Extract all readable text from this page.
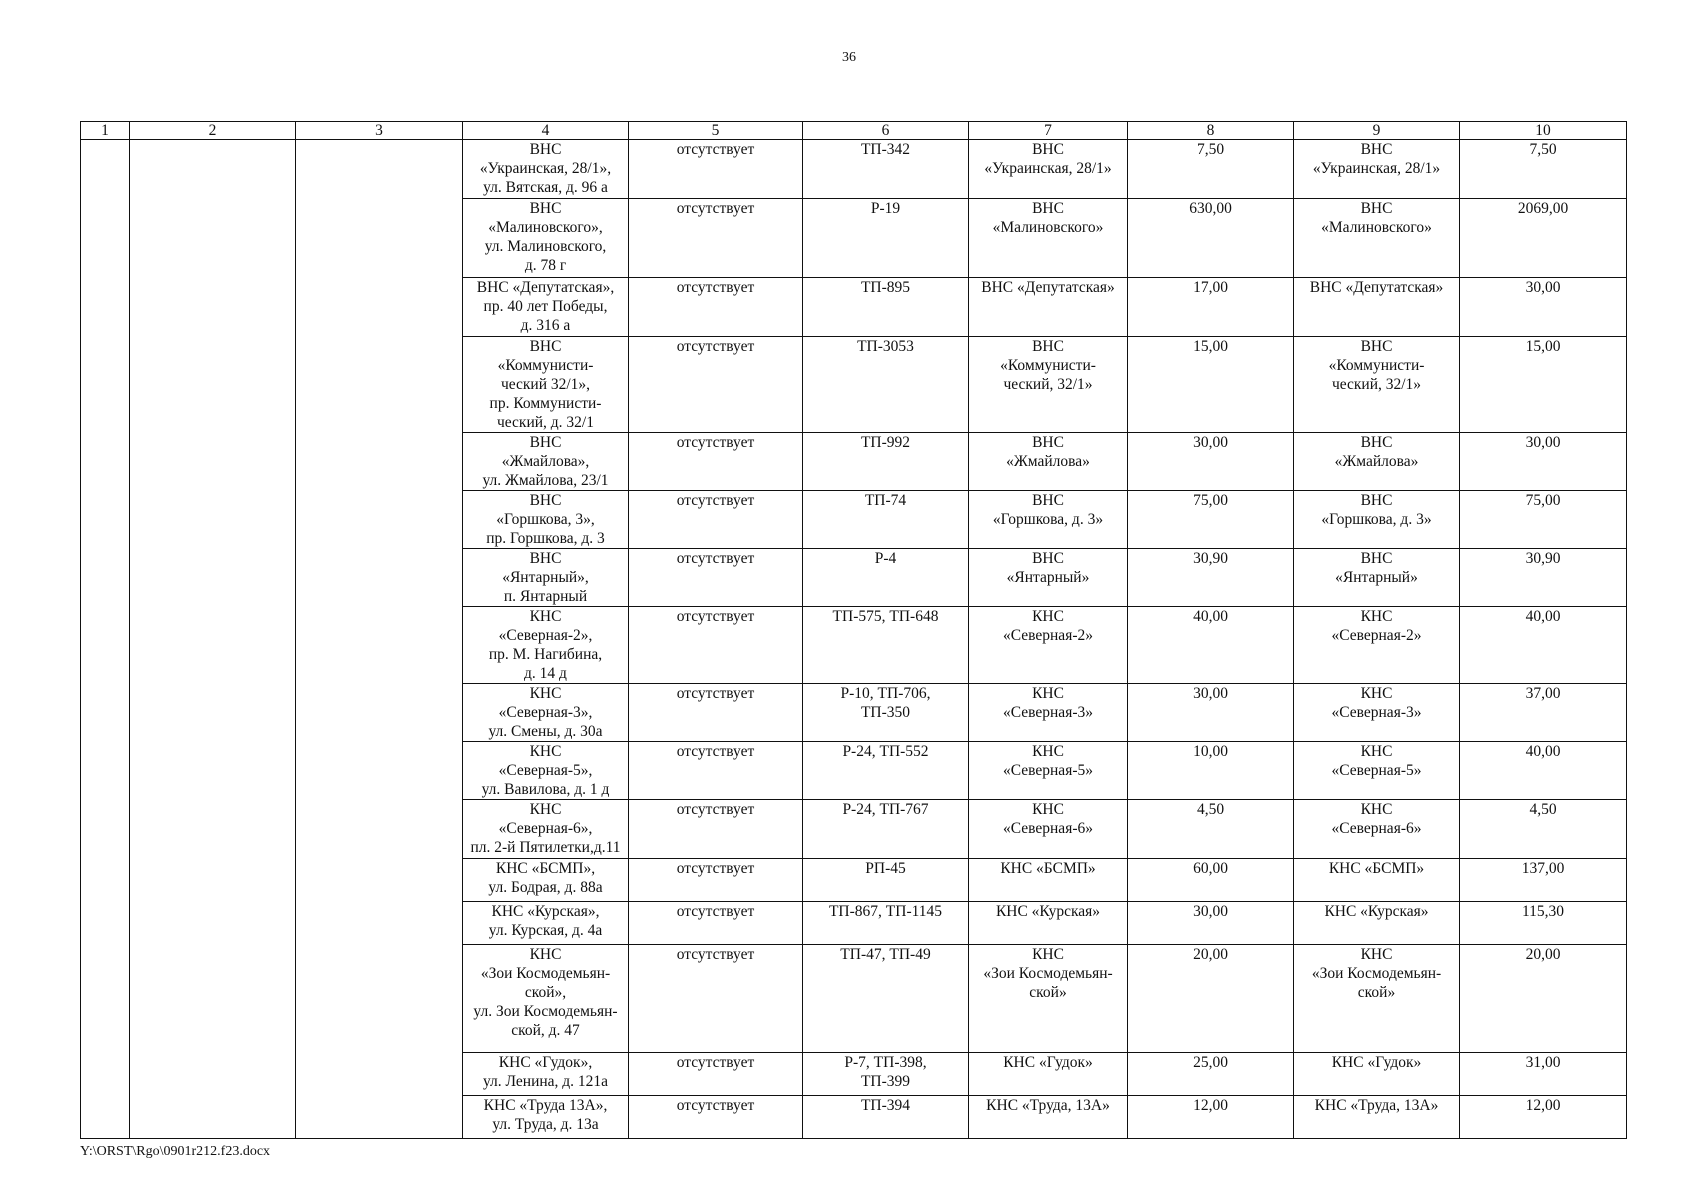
36
1	2	3	4	5	6	7	8	9	10
			ВНС
«Украинская, 28/1»,
ул. Вятская, д. 96 а	отсутствует	ТП-342	ВНС
«Украинская, 28/1»	7,50	ВНС
«Украинская, 28/1»	7,50
			ВНС
«Малиновского»,
ул. Малиновского,
д. 78 г	отсутствует	Р-19	ВНС
«Малиновского»	630,00	ВНС
«Малиновского»	2069,00
			ВНС «Депутатская»,
пр. 40 лет Победы,
д. 316 а	отсутствует	ТП-895	ВНС «Депутатская»	17,00	ВНС «Депутатская»	30,00
			ВНС
«Коммунисти-
ческий 32/1»,
пр. Коммунисти-
ческий, д. 32/1	отсутствует	ТП-3053	ВНС
«Коммунисти-
ческий, 32/1»	15,00	ВНС
«Коммунисти-
ческий, 32/1»	15,00
			ВНС
«Жмайлова»,
ул. Жмайлова, 23/1	отсутствует	ТП-992	ВНС
«Жмайлова»	30,00	ВНС
«Жмайлова»	30,00
			ВНС
«Горшкова, 3»,
пр. Горшкова, д. 3	отсутствует	ТП-74	ВНС
«Горшкова, д. 3»	75,00	ВНС
«Горшкова, д. 3»	75,00
			ВНС
«Янтарный»,
п. Янтарный	отсутствует	Р-4	ВНС
«Янтарный»	30,90	ВНС
«Янтарный»	30,90
			КНС
«Северная-2»,
пр. М. Нагибина,
д. 14 д	отсутствует	ТП-575, ТП-648	КНС
«Северная-2»	40,00	КНС
«Северная-2»	40,00
			КНС
«Северная-3»,
ул. Смены, д. 30а	отсутствует	Р-10, ТП-706,
ТП-350	КНС
«Северная-3»	30,00	КНС
«Северная-3»	37,00
			КНС
«Северная-5»,
ул. Вавилова, д. 1 д	отсутствует	Р-24, ТП-552	КНС
«Северная-5»	10,00	КНС
«Северная-5»	40,00
			КНС
«Северная-6»,
пл. 2-й Пятилетки,д.11	отсутствует	Р-24, ТП-767	КНС
«Северная-6»	4,50	КНС
«Северная-6»	4,50
			КНС «БСМП»,
ул. Бодрая, д. 88а	отсутствует	РП-45	КНС «БСМП»	60,00	КНС «БСМП»	137,00
			КНС «Курская»,
ул. Курская, д. 4а	отсутствует	ТП-867, ТП-1145	КНС «Курская»	30,00	КНС «Курская»	115,30
			КНС
«Зои Космодемьян-
ской»,
ул. Зои Космодемьян-
ской, д. 47	отсутствует	ТП-47, ТП-49	КНС
«Зои Космодемьян-
ской»	20,00	КНС
«Зои Космодемьян-
ской»	20,00
			КНС «Гудок»,
ул. Ленина, д. 121а	отсутствует	Р-7, ТП-398,
ТП-399	КНС «Гудок»	25,00	КНС «Гудок»	31,00
			КНС «Труда 13А»,
ул. Труда, д. 13а	отсутствует	ТП-394	КНС «Труда, 13А»	12,00	КНС «Труда, 13А»	12,00
Y:\ORST\Rgo\0901r212.f23.docx
